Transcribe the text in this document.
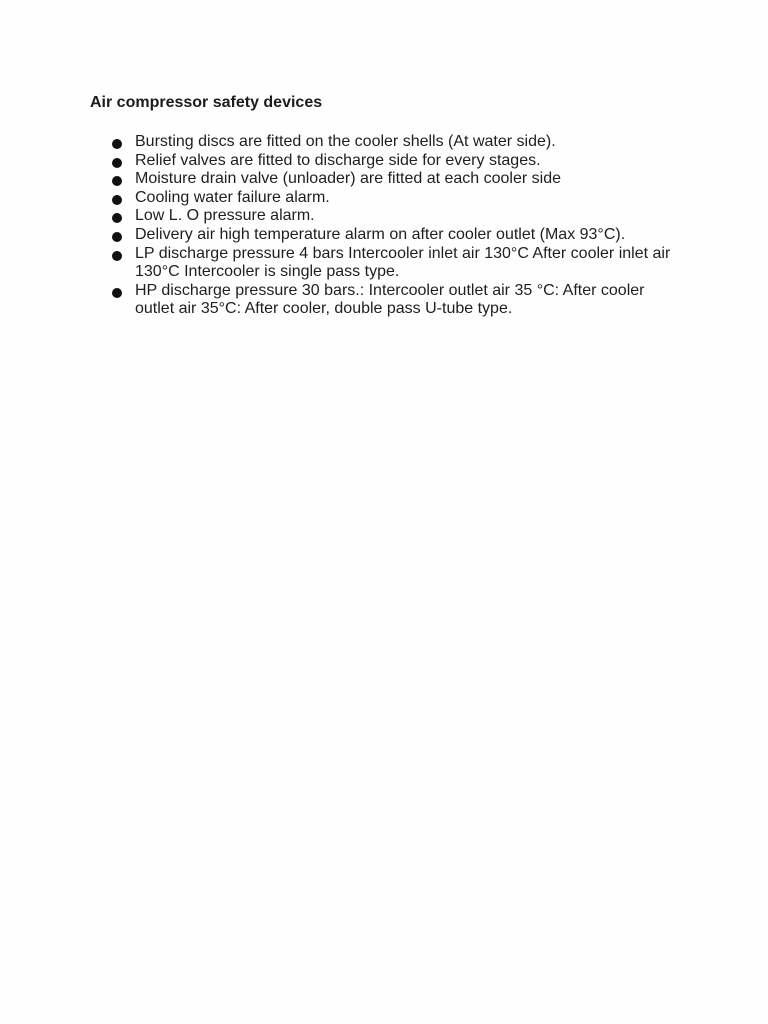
Air compressor safety devices
Bursting discs are fitted on the cooler shells (At water side).
Relief valves are fitted to discharge side for every stages.
Moisture drain valve (unloader) are fitted at each cooler side
Cooling water failure alarm.
Low L. O pressure alarm.
Delivery air high temperature alarm on after cooler outlet (Max 93°C).
LP discharge pressure 4 bars Intercooler inlet air 130°C After cooler inlet air 130°C Intercooler is single pass type.
HP discharge pressure 30 bars.: Intercooler outlet air 35 °C: After cooler outlet air 35°C: After cooler, double pass U-tube type.
